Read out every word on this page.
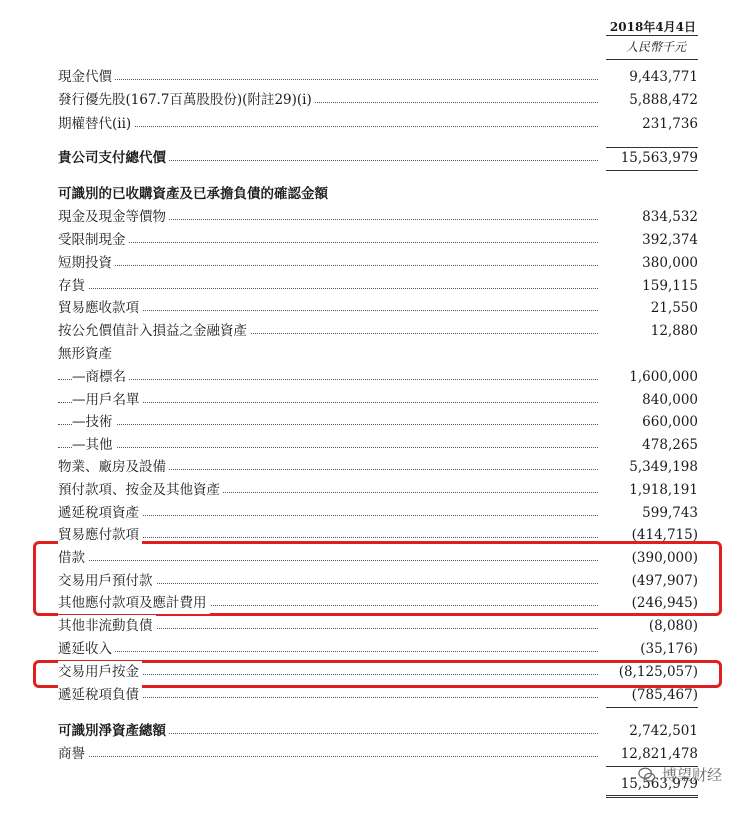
2018年4月4日
人民幣千元
現金代價	9,443,771
發行優先股(167.7百萬股股份)(附註29)(i)	5,888,472
期權替代(ii)	231,736
貴公司支付總代價	15,563,979
可識別的已收購資產及已承擔負債的確認金額
現金及現金等價物	834,532
受限制現金	392,374
短期投資	380,000
存貨	159,115
貿易應收款項	21,550
按公允價值計入損益之金融資產	12,880
無形資產
—商標名	1,600,000
—用戶名單	840,000
—技術	660,000
—其他	478,265
物業、廠房及設備	5,349,198
預付款項、按金及其他資產	1,918,191
遞延稅項資產	599,743
貿易應付款項	(414,715)
借款	(390,000)
交易用戶預付款	(497,907)
其他應付款項及應計費用	(246,945)
其他非流動負債	(8,080)
遞延收入	(35,176)
交易用戶按金	(8,125,057)
遞延稅項負債	(785,467)
可識別淨資產總額	2,742,501
商譽	12,821,478
15,563,979
博望财经
